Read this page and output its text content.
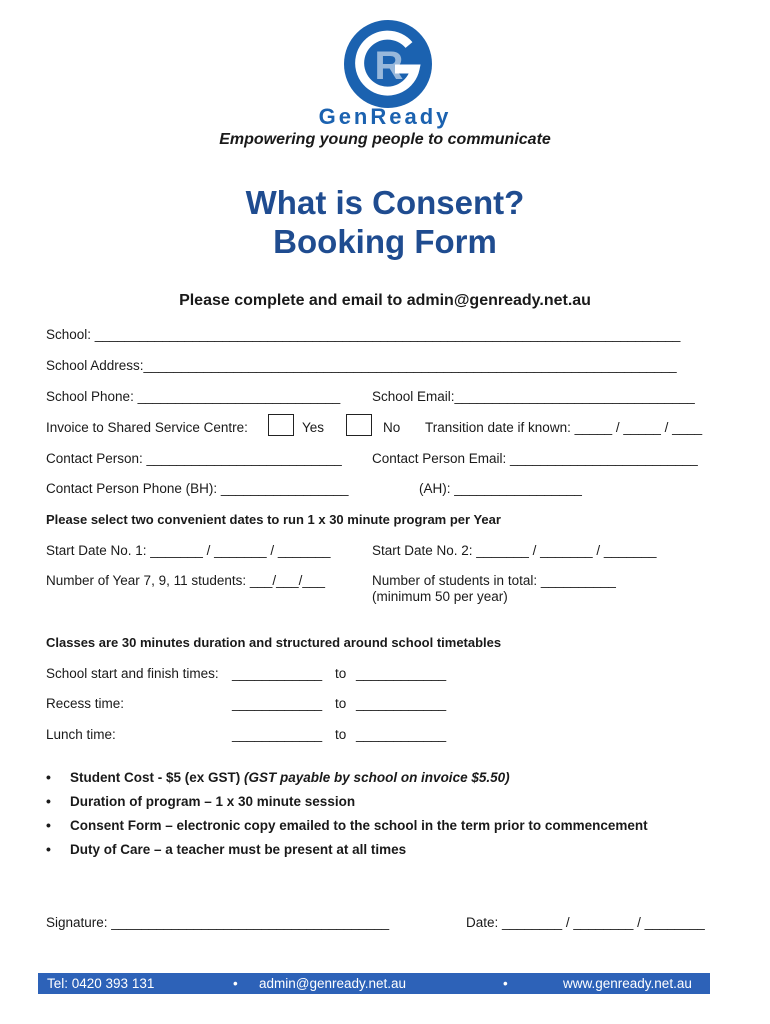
R
GenReady
Empowering young people to communicate
What is Consent?
Booking Form
Please complete and email to admin@genready.net.au
School: ______________________________________________________________________________
School Address:_______________________________________________________________________
School Phone: ___________________________ School Email:________________________________
Invoice to Shared Service Centre:	Yes	No Transition date if known: _____ / _____ / ____
Contact Person: __________________________ Contact Person Email: _________________________
Contact Person Phone (BH): _________________	(AH): _________________
Please select two convenient dates to run 1 x 30 minute program per Year
Start Date No. 1: _______ / _______ / _______	Start Date No. 2: _______ / _______ / _______
Number of Year 7, 9, 11 students: ___/___/___	Number of students in total: __________
(minimum 50 per year)
Classes are 30 minutes duration and structured around school timetables
School start and finish times: ____________ to ____________
Recess time:	____________ to ____________
Lunch time:	____________ to ____________
• Student Cost - $5 (ex GST) (GST payable by school on invoice $5.50)
• Duration of program – 1 x 30 minute session
• Consent Form – electronic copy emailed to the school in the term prior to commencement
• Duty of Care – a teacher must be present at all times
Signature: _____________________________________	Date: ________ / ________ / ________
Tel: 0420 393 131	• admin@genready.net.au	•	www.genready.net.au
